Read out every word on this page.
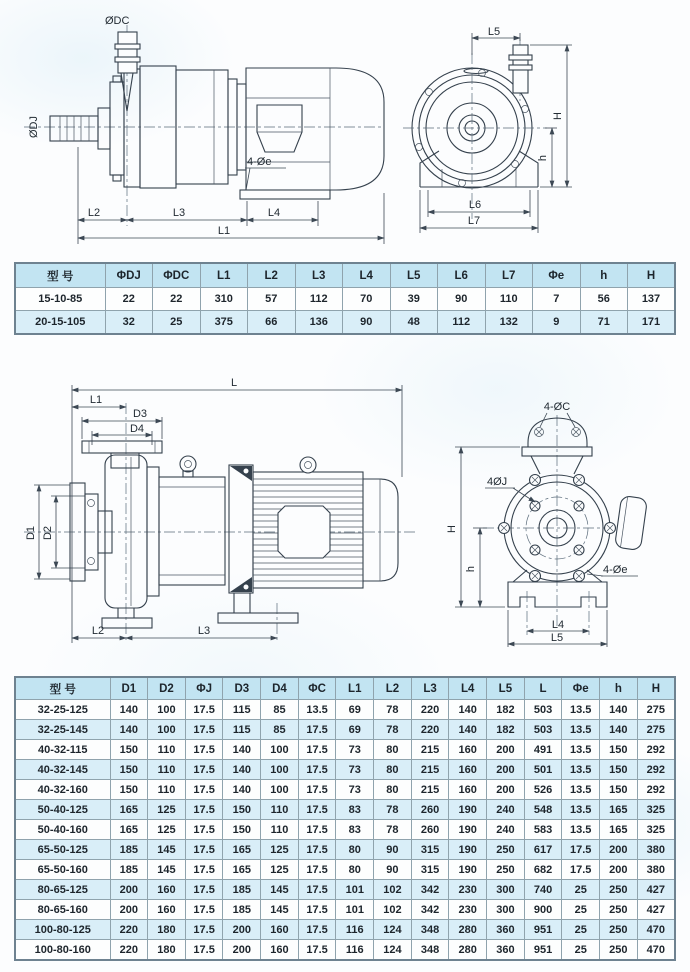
ØDC
ØDJ
4-Øe
L2	L3	L4
L1
L5
H
h
L6
L7
型 号	ΦDJ	ΦDC	L1	L2	L3	L4	L5	L6	L7	Φe	h	H
15-10-85	22	22	310	57	112	70	39	90	110	7	56	137
20-15-105	32	25	375	66	136	90	48	112	132	9	71	171
L
L1
D3
D4
D1 D2
L2	L3
4-ØC
4ØJ
4-Øe
H
h
L4
L5
型 号	D1	D2	ΦJ	D3	D4	ΦC	L1	L2	L3	L4	L5	L	Φe	h	H
32-25-125	140	100	17.5	115	85	13.5	69	78	220	140	182	503	13.5	140	275
32-25-145	140	100	17.5	115	85	17.5	69	78	220	140	182	503	13.5	140	275
40-32-115	150	110	17.5	140	100	17.5	73	80	215	160	200	491	13.5	150	292
40-32-145	150	110	17.5	140	100	17.5	73	80	215	160	200	501	13.5	150	292
40-32-160	150	110	17.5	140	100	17.5	73	80	215	160	200	526	13.5	150	292
50-40-125	165	125	17.5	150	110	17.5	83	78	260	190	240	548	13.5	165	325
50-40-160	165	125	17.5	150	110	17.5	83	78	260	190	240	583	13.5	165	325
65-50-125	185	145	17.5	165	125	17.5	80	90	315	190	250	617	17.5	200	380
65-50-160	185	145	17.5	165	125	17.5	80	90	315	190	250	682	17.5	200	380
80-65-125	200	160	17.5	185	145	17.5	101	102	342	230	300	740	25	250	427
80-65-160	200	160	17.5	185	145	17.5	101	102	342	230	300	900	25	250	427
100-80-125	220	180	17.5	200	160	17.5	116	124	348	280	360	951	25	250	470
100-80-160	220	180	17.5	200	160	17.5	116	124	348	280	360	951	25	250	470
